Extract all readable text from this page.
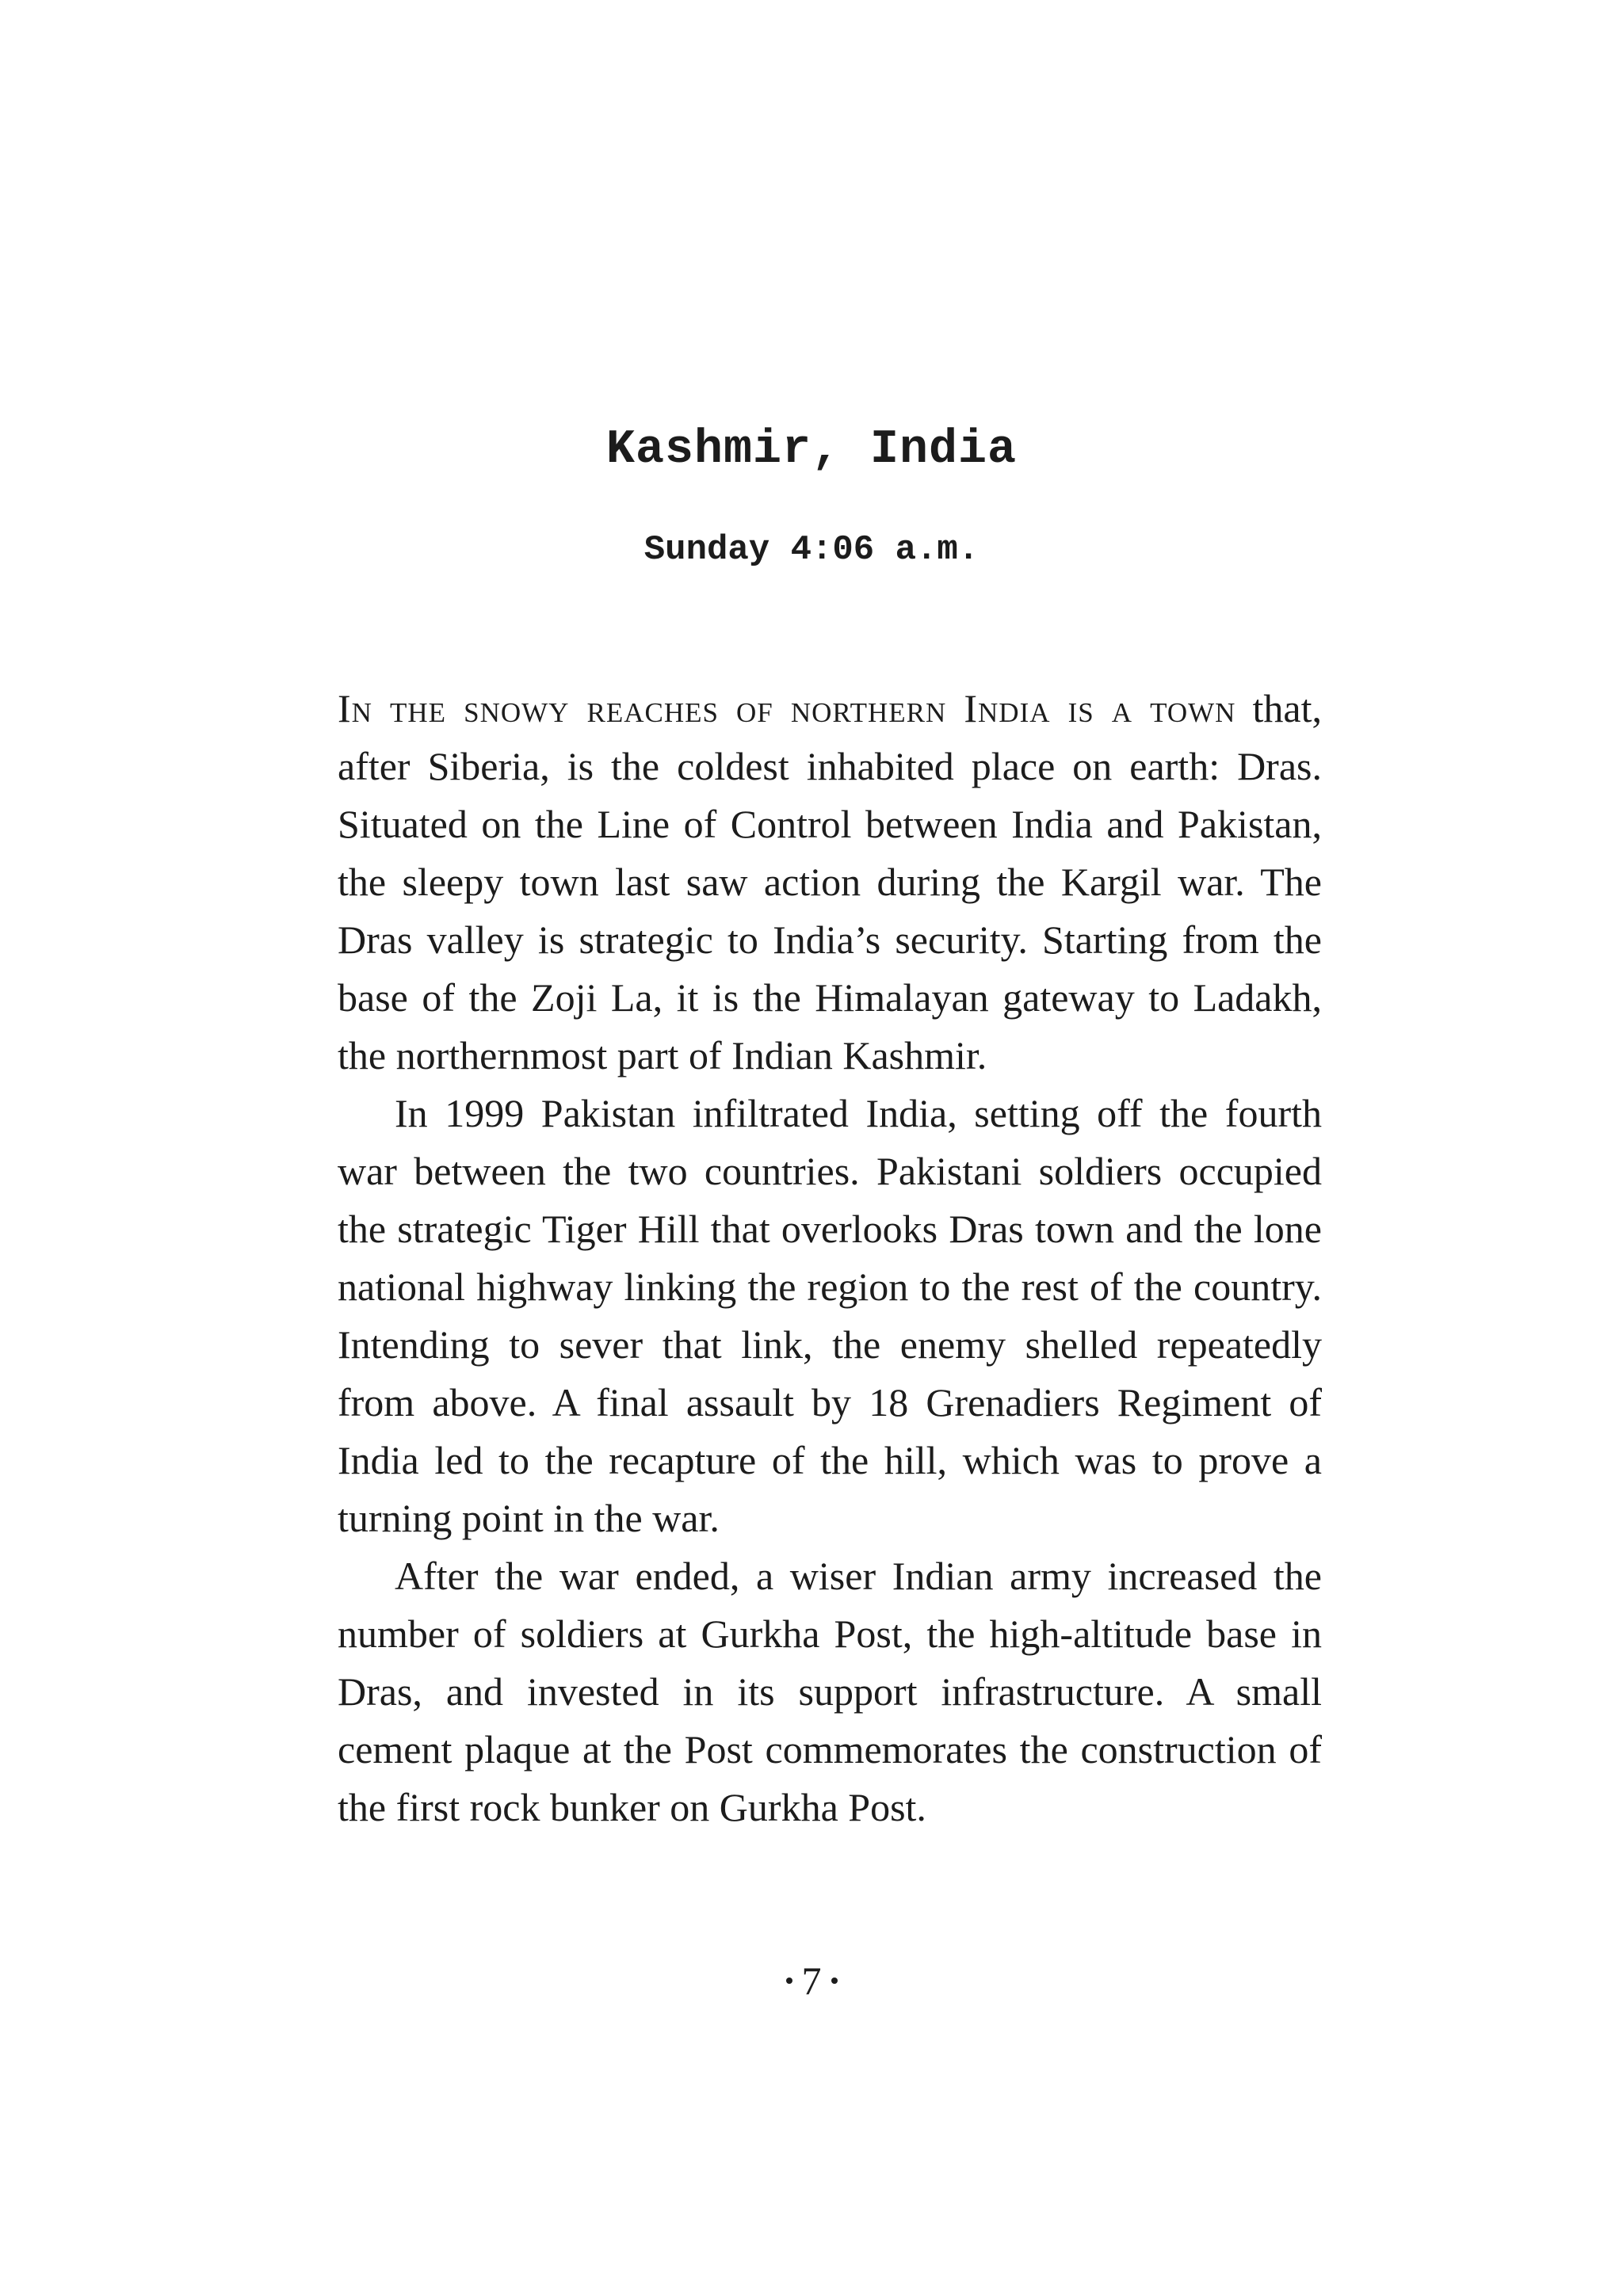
Kashmir, India
Sunday 4:06 a.m.

In the snowy reaches of northern India is a town that, after Siberia, is the coldest inhabited place on earth: Dras. Situated on the Line of Control between India and Pakistan, the sleepy town last saw action during the Kargil war. The Dras valley is strategic to India’s security. Starting from the base of the Zoji La, it is the Himalayan gateway to Ladakh, the northernmost part of Indian Kashmir.

In 1999 Pakistan infiltrated India, setting off the fourth war between the two countries. Pakistani soldiers occupied the strategic Tiger Hill that overlooks Dras town and the lone national highway linking the region to the rest of the country. Intending to sever that link, the enemy shelled repeatedly from above. A final assault by 18 Grenadiers Regiment of India led to the recapture of the hill, which was to prove a turning point in the war.

After the war ended, a wiser Indian army increased the number of soldiers at Gurkha Post, the high-altitude base in Dras, and invested in its support infrastructure. A small cement plaque at the Post commemorates the construction of the first rock bunker on Gurkha Post.

7
